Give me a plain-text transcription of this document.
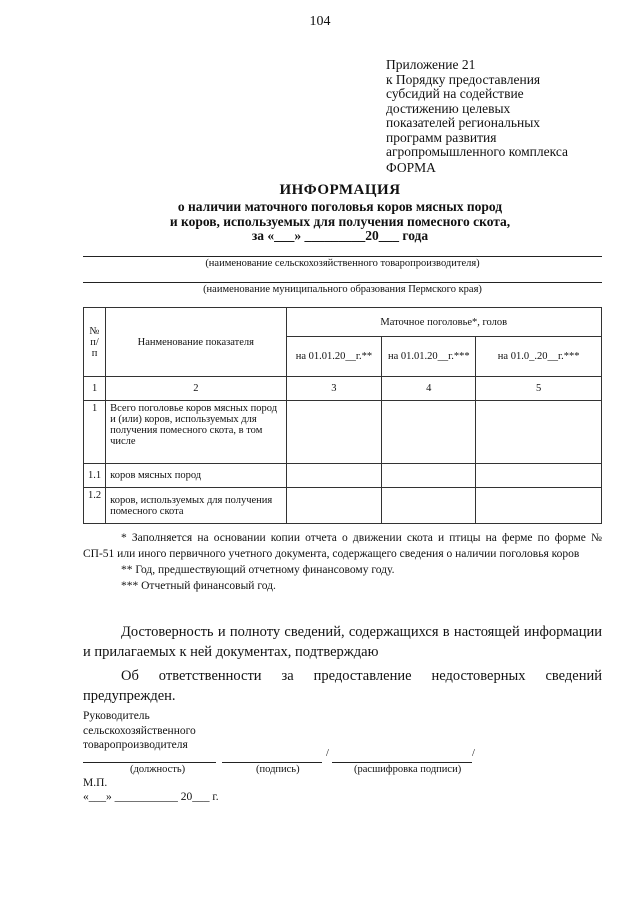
104
Приложение 21
к Порядку предоставления
субсидий на содействие
достижению целевых
показателей региональных
программ развития
агропромышленного комплекса
ФОРМА
ИНФОРМАЦИЯ
о наличии маточного поголовья коров мясных пород
и коров, используемых для получения помесного скота,
за «___» _________20___ года
(наименование сельскохозяйственного товаропроизводителя)
(наименование муниципального образования Пермского края)
№ п/п	Нанменование показателя	Маточное поголовье*, голов		
		на 01.01.20__г.**	на 01.01.20__г.***	на 01.0_.20__г.***
1	2	3	4	5
1	Всего поголовье коров мясных пород и (или) коров, используемых для получения помесного скота, в том числе			
1.1	коров мясных пород			
1.2	коров, используемых для получения помесного скота			

* Заполняется на основании копии отчета о движении скота и птицы на ферме по форме № СП-51 или иного первичного учетного документа, содержащего сведения о наличии поголовья коров

** Год, предшествующий отчетному финансовому году.

*** Отчетный финансовый год.

Достоверность и полноту сведений, содержащихся в настоящей информации и прилагаемых к ней документах, подтверждаю

Об ответственности за предоставление недостоверных сведений предупрежден.

Руководитель
сельскохозяйственного
товаропроизводителя
/	/
(должность)	(подпись)	(расшифровка подписи)
М.П.
«___» ___________ 20___ г.
